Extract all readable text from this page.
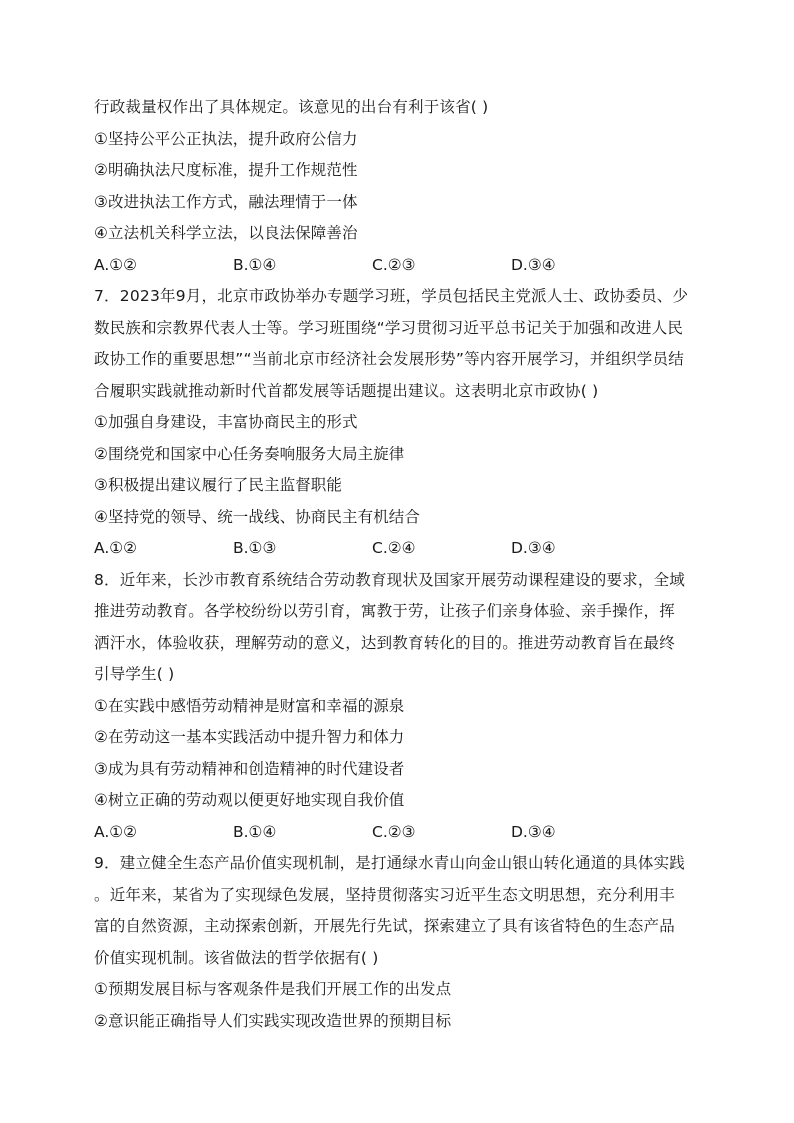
行政裁量权作出了具体规定。该意见的出台有利于该省( )
①坚持公平公正执法，提升政府公信力
②明确执法尺度标准，提升工作规范性
③改进执法工作方式，融法理情于一体
④立法机关科学立法，以良法保障善治
A.①②	B.①④	C.②③	D.③④
7．2023年9月，北京市政协举办专题学习班，学员包括民主党派人士、政协委员、少
数民族和宗教界代表人士等。学习班围绕“学习贯彻习近平总书记关于加强和改进人民
政协工作的重要思想”“当前北京市经济社会发展形势”等内容开展学习，并组织学员结
合履职实践就推动新时代首都发展等话题提出建议。这表明北京市政协( )
①加强自身建设，丰富协商民主的形式
②围绕党和国家中心任务奏响服务大局主旋律
③积极提出建议履行了民主监督职能
④坚持党的领导、统一战线、协商民主有机结合
A.①②	B.①③	C.②④	D.③④
8．近年来，长沙市教育系统结合劳动教育现状及国家开展劳动课程建设的要求，全域
推进劳动教育。各学校纷纷以劳引育，寓教于劳，让孩子们亲身体验、亲手操作，挥
洒汗水，体验收获，理解劳动的意义，达到教育转化的目的。推进劳动教育旨在最终
引导学生( )
①在实践中感悟劳动精神是财富和幸福的源泉
②在劳动这一基本实践活动中提升智力和体力
③成为具有劳动精神和创造精神的时代建设者
④树立正确的劳动观以便更好地实现自我价值
A.①②	B.①④	C.②③	D.③④
9．建立健全生态产品价值实现机制，是打通绿水青山向金山银山转化通道的具体实践
。近年来，某省为了实现绿色发展，坚持贯彻落实习近平生态文明思想，充分利用丰
富的自然资源，主动探索创新，开展先行先试，探索建立了具有该省特色的生态产品
价值实现机制。该省做法的哲学依据有( )
①预期发展目标与客观条件是我们开展工作的出发点
②意识能正确指导人们实践实现改造世界的预期目标
